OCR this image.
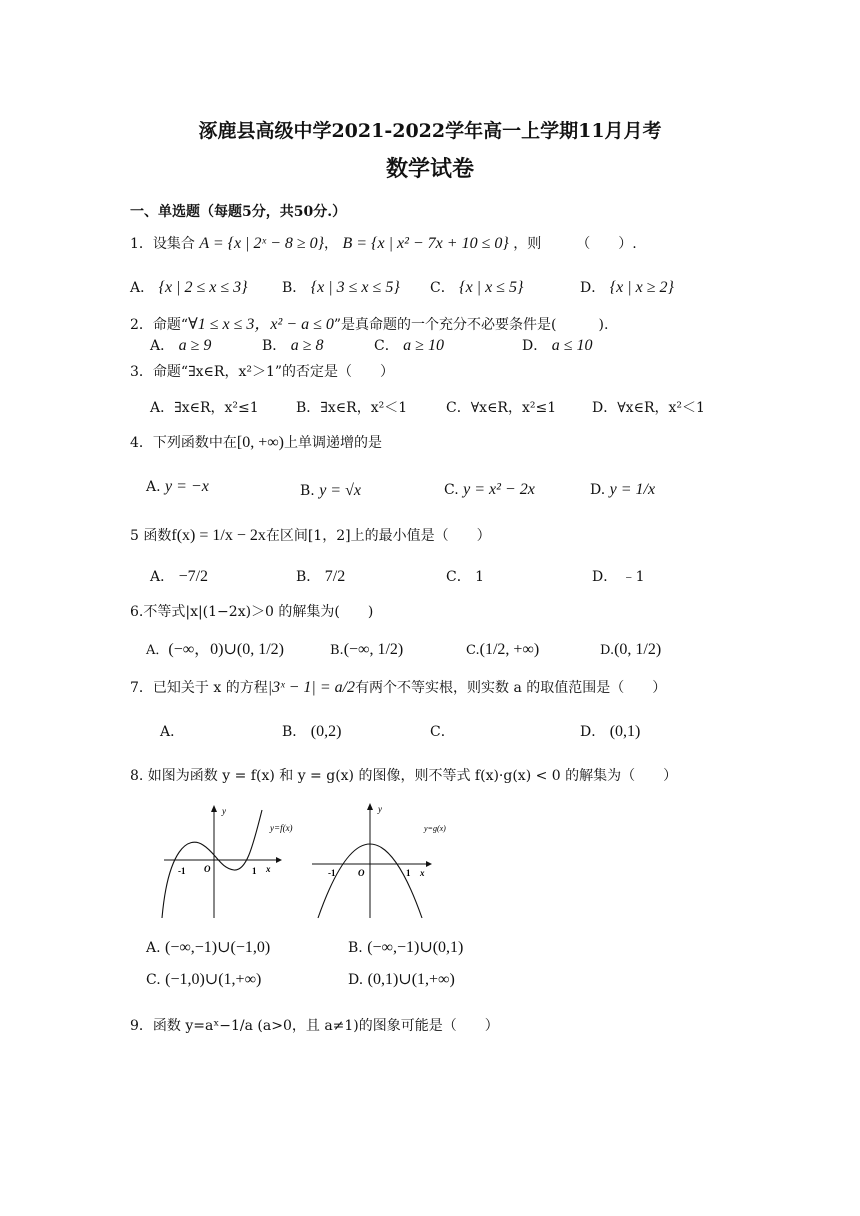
涿鹿县高级中学2021-2022学年高一上学期11月月考
数学试卷
一、单选题（每题5分，共50分.）
1．设集合 A = {x | 2ˣ − 8 ≥ 0}， B = {x | x² − 7x + 10 ≤ 0} ，则　　　（　　）.
A． {x | 2 ≤ x ≤ 3} B． {x | 3 ≤ x ≤ 5} C． {x | x ≤ 5}	D． {x | x ≥ 2}
2．命题“∀1 ≤ x ≤ 3，x² − a ≤ 0”是真命题的一个充分不必要条件是(　　　).
A． a ≥ 9	B． a ≥ 8	C． a ≥ 10	D． a ≤ 10
3．命题“∃x∈R，x²＞1”的否定是（　　）
A．∃x∈R，x²≤1	B．∃x∈R，x²＜1	C．∀x∈R，x²≤1	D．∀x∈R，x²＜1
4．下列函数中在[0, +∞)上单调递增的是
A. y = −x	B. y = √x	C. y = x² − 2x	D. y = 1/x
5 函数f(x) = 1/x − 2x在区间[1，2]上的最小值是（　　）
A． −7/2	B． 7/2	C． 1	D． ﹣1
6.不等式|x|(1−2x)＞0 的解集为(　　)
A．(−∞，0)∪(0, 1/2)	B.(−∞, 1/2)	C.(1/2, +∞)	D.(0, 1/2)
7．已知关于 x 的方程|3ˣ − 1| = a/2有两个不等实根，则实数 a 的取值范围是（　　）
A．	B． (0,2)	C．	D． (0,1)
8. 如图为函数 y = f(x) 和 y = g(x) 的图像，则不等式 f(x)·g(x) < 0 的解集为（　　）
y
y=f(x)
O
-1	1 x
y
y=g(x)
O
-1	1 x
A. (−∞,−1)∪(−1,0)	B. (−∞,−1)∪(0,1)
C. (−1,0)∪(1,+∞)	D. (0,1)∪(1,+∞)
9．函数 y=aˣ−1/a (a>0，且 a≠1)的图象可能是（　　）
